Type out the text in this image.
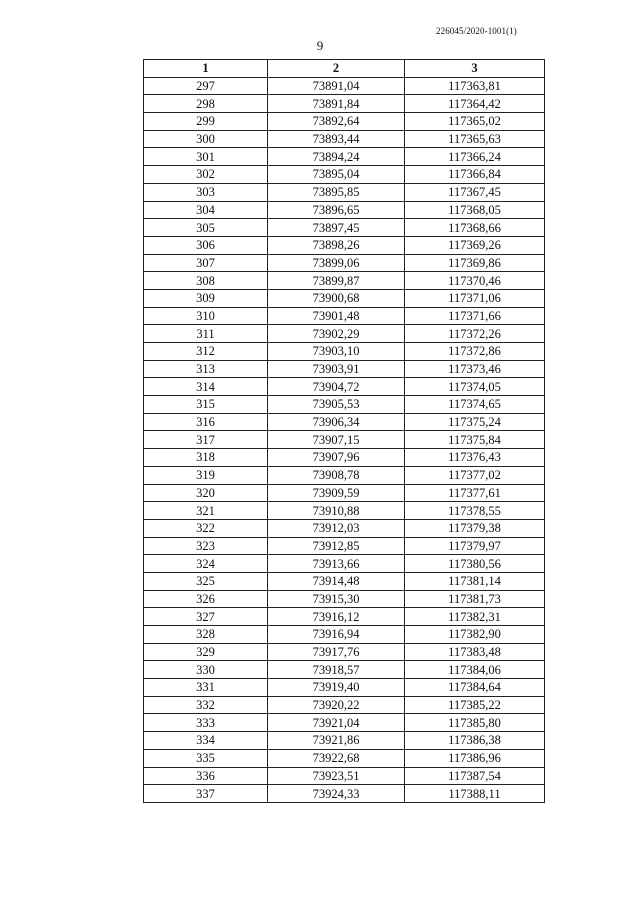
226045/2020-1001(1)
9
1	2	3
297	73891,04	117363,81
298	73891,84	117364,42
299	73892,64	117365,02
300	73893,44	117365,63
301	73894,24	117366,24
302	73895,04	117366,84
303	73895,85	117367,45
304	73896,65	117368,05
305	73897,45	117368,66
306	73898,26	117369,26
307	73899,06	117369,86
308	73899,87	117370,46
309	73900,68	117371,06
310	73901,48	117371,66
311	73902,29	117372,26
312	73903,10	117372,86
313	73903,91	117373,46
314	73904,72	117374,05
315	73905,53	117374,65
316	73906,34	117375,24
317	73907,15	117375,84
318	73907,96	117376,43
319	73908,78	117377,02
320	73909,59	117377,61
321	73910,88	117378,55
322	73912,03	117379,38
323	73912,85	117379,97
324	73913,66	117380,56
325	73914,48	117381,14
326	73915,30	117381,73
327	73916,12	117382,31
328	73916,94	117382,90
329	73917,76	117383,48
330	73918,57	117384,06
331	73919,40	117384,64
332	73920,22	117385,22
333	73921,04	117385,80
334	73921,86	117386,38
335	73922,68	117386,96
336	73923,51	117387,54
337	73924,33	117388,11
